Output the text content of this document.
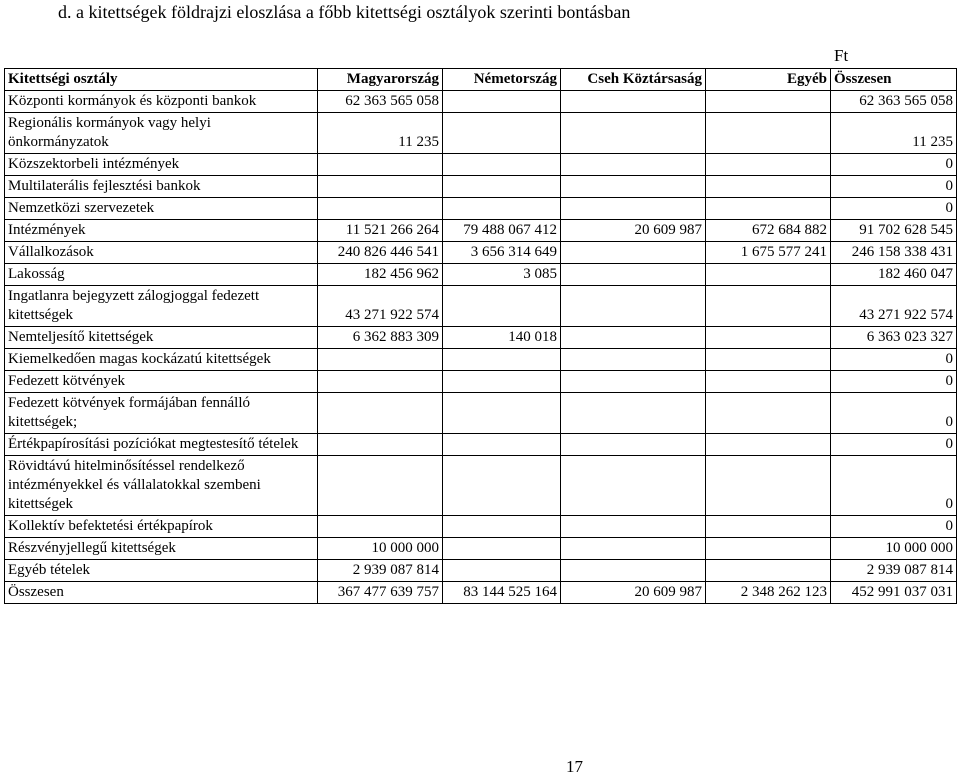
d. a kitettségek földrajzi eloszlása a főbb kitettségi osztályok szerinti bontásban
Ft
Kitettségi osztály	Magyarország	Németország	Cseh Köztársaság	Egyéb	Összesen
Központi kormányok és központi bankok	62 363 565 058				62 363 565 058
Regionális kormányok vagy helyi önkormányzatok	11 235				11 235
Közszektorbeli intézmények					0
Multilaterális fejlesztési bankok					0
Nemzetközi szervezetek					0
Intézmények	11 521 266 264	79 488 067 412	20 609 987	672 684 882	91 702 628 545
Vállalkozások	240 826 446 541	3 656 314 649		1 675 577 241	246 158 338 431
Lakosság	182 456 962	3 085			182 460 047
Ingatlanra bejegyzett zálogjoggal fedezett kitettségek	43 271 922 574				43 271 922 574
Nemteljesítő kitettségek	6 362 883 309	140 018			6 363 023 327
Kiemelkedően magas kockázatú kitettségek					0
Fedezett kötvények					0
Fedezett kötvények formájában fennálló kitettségek;					0
Értékpapírosítási pozíciókat megtestesítő tételek					0
Rövidtávú hitelminősítéssel rendelkező intézményekkel és vállalatokkal szembeni kitettségek					0
Kollektív befektetési értékpapírok					0
Részvényjellegű kitettségek	10 000 000				10 000 000
Egyéb tételek	2 939 087 814				2 939 087 814
Összesen	367 477 639 757	83 144 525 164	20 609 987	2 348 262 123	452 991 037 031
17
